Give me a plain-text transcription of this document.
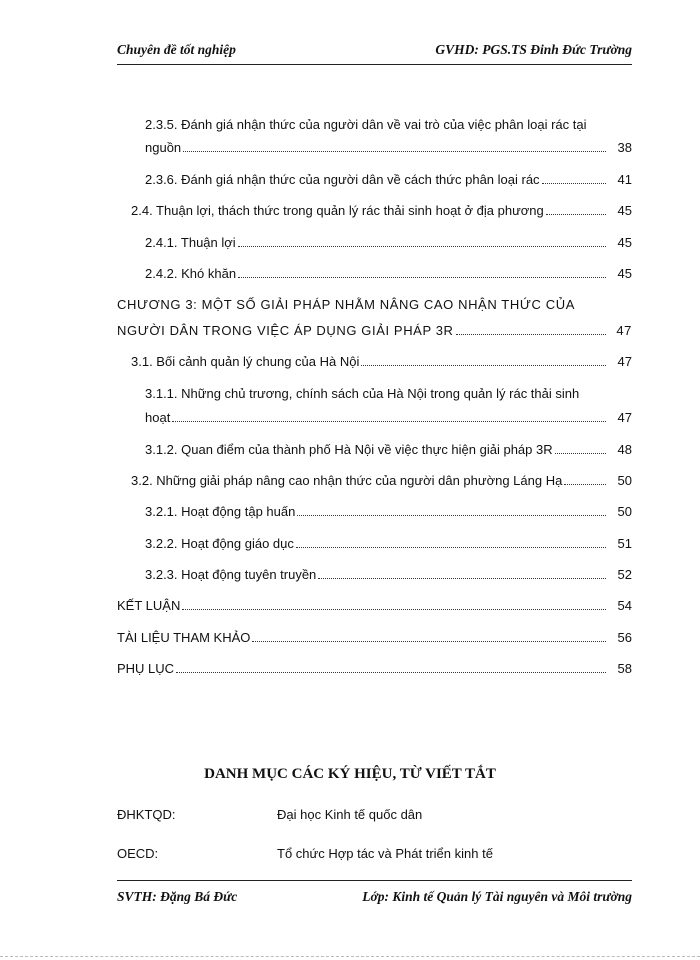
Chuyên đề tốt nghiệp	GVHD: PGS.TS Đinh Đức Trường
2.3.5. Đánh giá nhận thức của người dân về vai trò của việc phân loại rác tại
nguồn	38
2.3.6. Đánh giá nhận thức của người dân về cách thức phân loại rác	41
2.4. Thuận lợi, thách thức trong quản lý rác thải sinh hoạt ở địa phương	45
2.4.1. Thuận lợi	45
2.4.2. Khó khăn	45
CHƯƠNG 3: MỘT SỐ GIẢI PHÁP NHẰM NÂNG CAO NHẬN THỨC CỦA
NGƯỜI DÂN TRONG VIỆC ÁP DỤNG GIẢI PHÁP 3R	47
3.1. Bối cảnh quản lý chung của Hà Nội	47
3.1.1. Những chủ trương, chính sách của Hà Nội trong quản lý rác thải sinh
hoạt	47
3.1.2. Quan điểm của thành phố Hà Nội về việc thực hiện giải pháp 3R	48
3.2. Những giải pháp nâng cao nhận thức của người dân phường Láng Hạ	50
3.2.1. Hoạt động tập huấn	50
3.2.2. Hoạt động giáo dục	51
3.2.3. Hoạt động tuyên truyền	52
KẾT LUẬN	54
TÀI LIỆU THAM KHẢO	56
PHỤ LỤC	58
DANH MỤC CÁC KÝ HIỆU, TỪ VIẾT TẮT
ĐHKTQD:	Đại học Kinh tế quốc dân
OECD:	Tổ chức Hợp tác và Phát triển kinh tế
SVTH: Đặng Bá Đức	Lớp: Kinh tế Quản lý Tài nguyên và Môi trường
